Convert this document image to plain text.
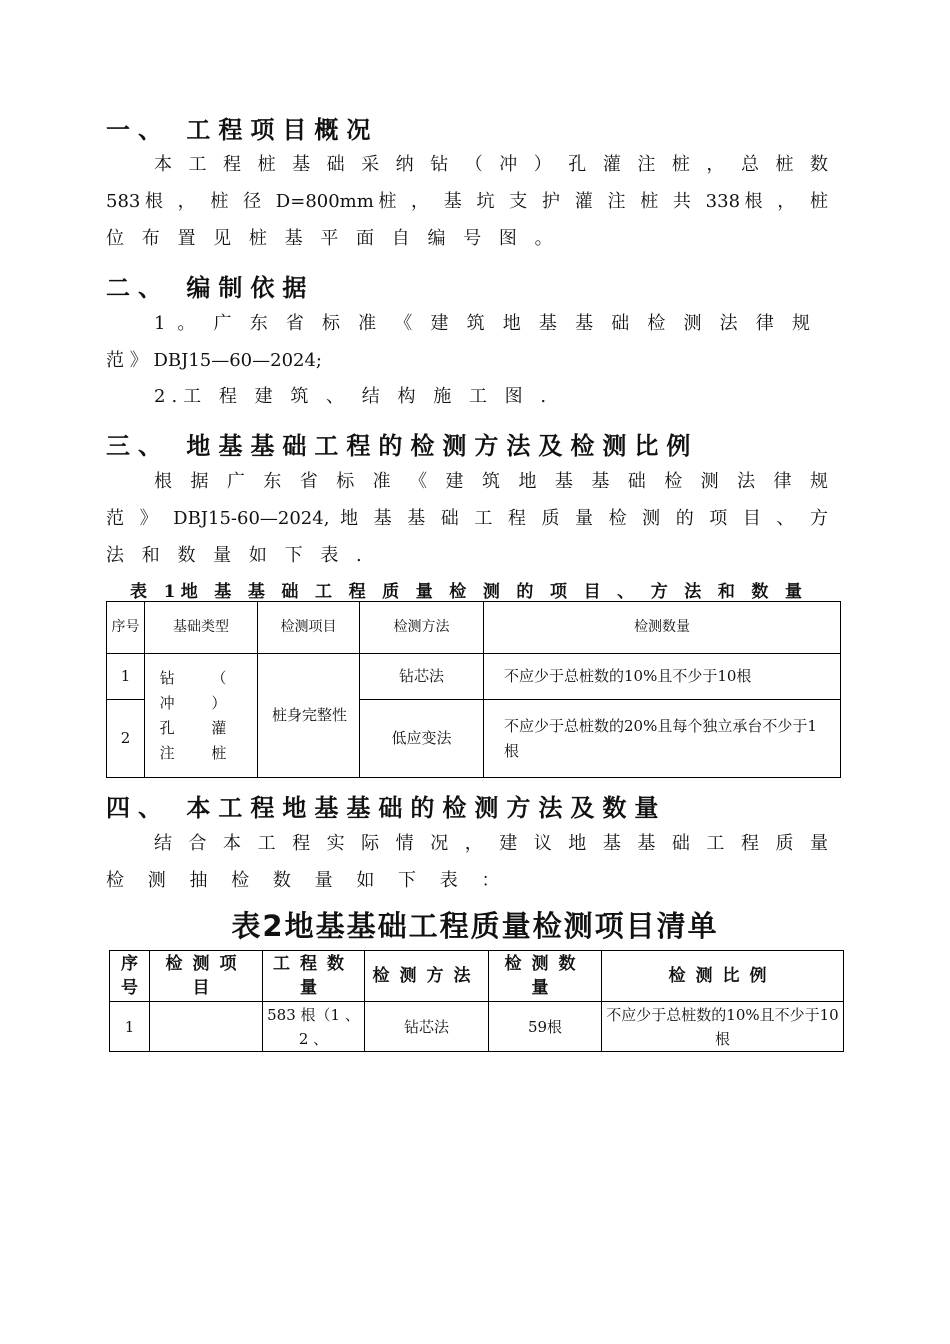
一、 工程项目概况
本 工 程 桩 基 础 采 纳 钻 （ 冲 ） 孔 灌 注 桩 ， 总 桩 数
583根 ， 桩 径 D=800mm桩 ， 基 坑 支 护 灌 注 桩 共 338根 ， 桩
位 布 置 见 桩 基 平 面 自 编 号 图 。
二、 编制依据
1 。 广 东 省 标 准 《 建 筑 地 基 基 础 检 测 法 律 规
范 》 DBJ15—60—2024;
2.工 程 建 筑 、 结 构 施 工 图 .
三、 地基基础工程的检测方法及检测比例
根 据 广 东 省 标 准 《 建 筑 地 基 基 础 检 测 法 律 规
范 》 DBJ15-60—2024, 地 基 基 础 工 程 质 量 检 测 的 项 目 、 方
法 和 数 量 如 下 表 .
表 1地 基 基 础 工 程 质 量 检 测 的 项 目 、 方 法 和 数 量
序号	基础类型	检测项目	检测方法	检测数量
1	钻 （ 冲 ） 孔 灌 注 桩	桩身完整性	钻芯法	不应少于总桩数的10%且不少于10根
2			低应变法	不应少于总桩数的20%且每个独立承台不少于1 根
四、 本工程地基基础的检测方法及数量
结 合 本 工 程 实 际 情 况 ， 建 议 地 基 基 础 工 程 质 量
检 测 抽 检 数 量 如 下 表 ：
表2地基基础工程质量检测项目清单
序号	检测项目	工程数量	检测方法	检测数量	检测比例
1		583 根（1 、2 、	钻芯法	59根	不应少于总桩数的10%且不少于10根
